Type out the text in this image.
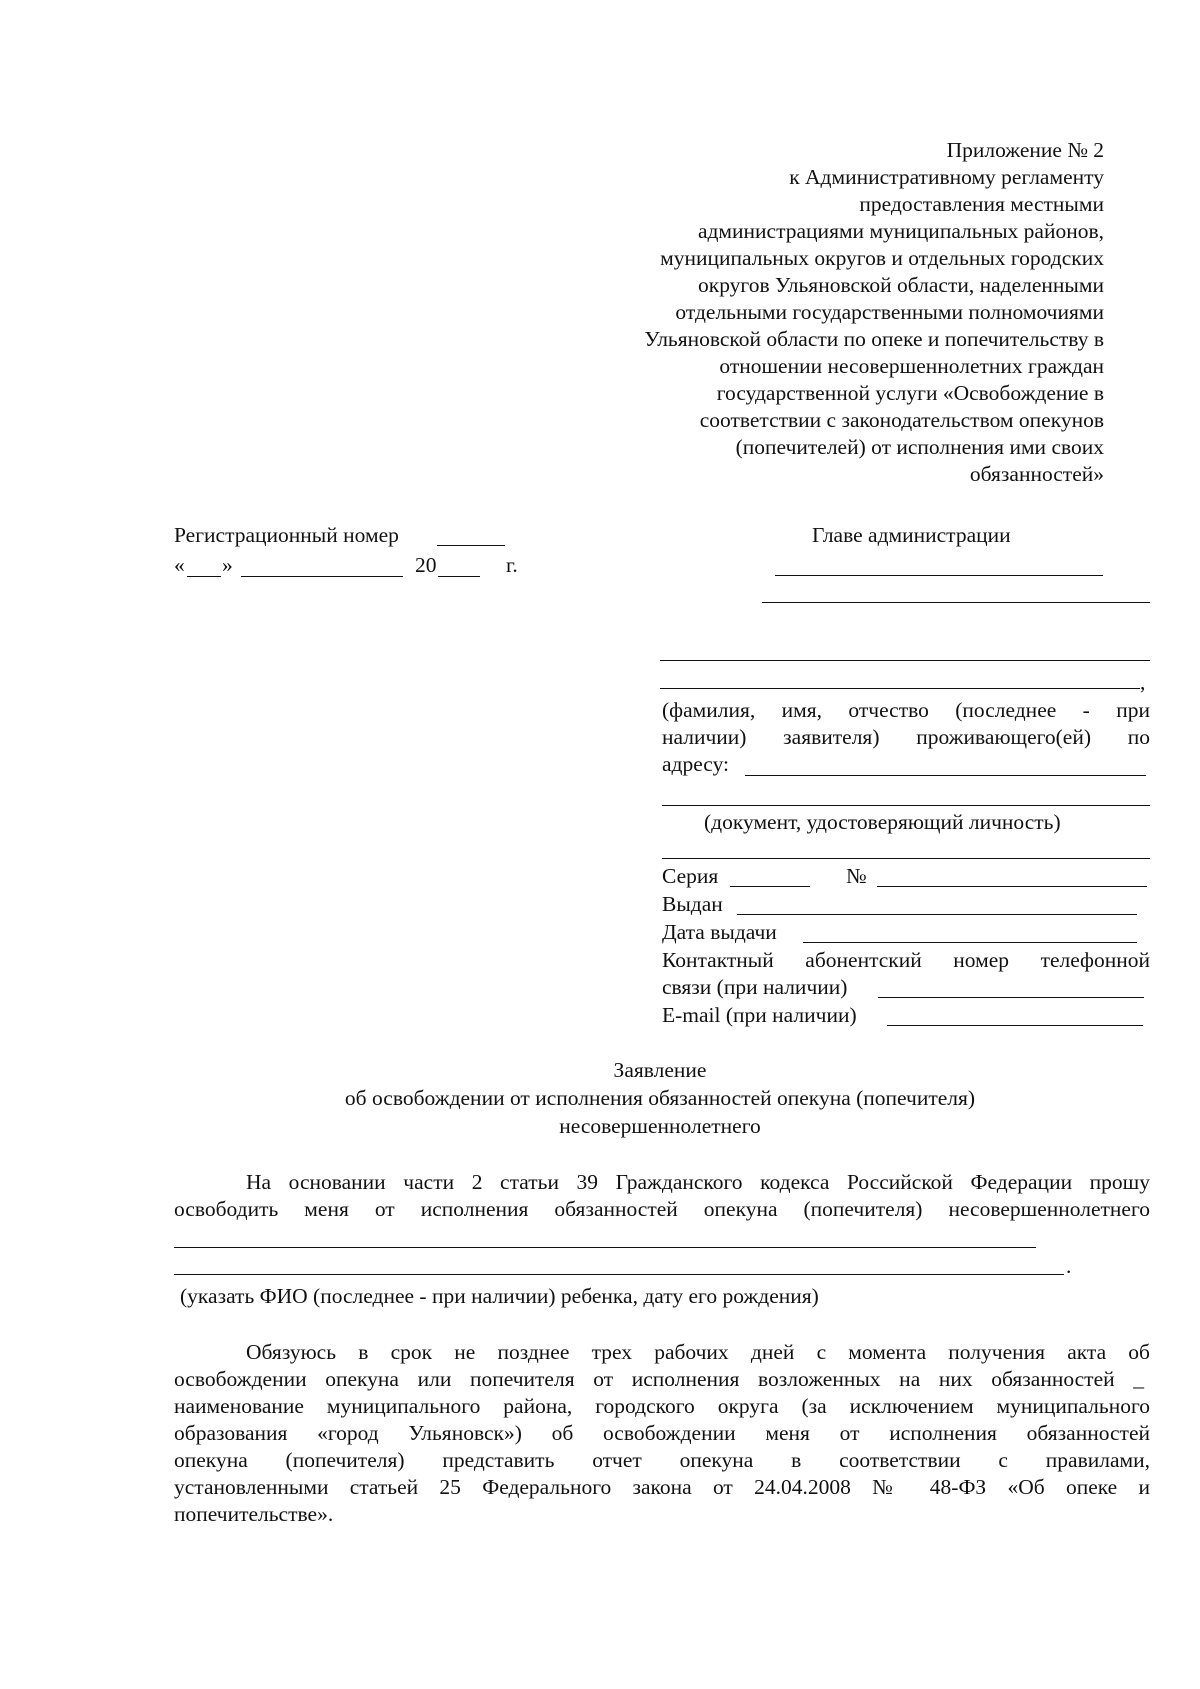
Приложение № 2
к Административному регламенту
предоставления местными
администрациями муниципальных районов,
муниципальных округов и отдельных городских
округов Ульяновской области, наделенными
отдельными государственными полномочиями
Ульяновской области по опеке и попечительству в
отношении несовершеннолетних граждан
государственной услуги «Освобождение в
соответствии с законодательством опекунов
(попечителей) от исполнения ими своих
обязанностей»
Регистрационный номер
« »	20	г.
Главе администрации
,
(фамилия, имя, отчество (последнее - при
наличии) заявителя) проживающего(ей) по
адресу:
(документ, удостоверяющий личность)
Серия	№
Выдан
Дата выдачи
Контактный абонентский номер телефонной
связи (при наличии)
E-mail (при наличии)
Заявление
об освобождении от исполнения обязанностей опекуна (попечителя)
несовершеннолетнего
На основании части 2 статьи 39 Гражданского кодекса Российской Федерации прошу
освободить меня от исполнения обязанностей опекуна (попечителя) несовершеннолетнего
.
(указать ФИО (последнее - при наличии) ребенка, дату его рождения)
Обязуюсь в срок не позднее трех рабочих дней с момента получения акта об
освобождении опекуна или попечителя от исполнения возложенных на них обязанностей _
наименование муниципального района, городского округа (за исключением муниципального
образования «город Ульяновск») об освобождении меня от исполнения обязанностей
опекуна (попечителя) представить отчет опекуна в соответствии с правилами,
установленными статьей 25 Федерального закона от 24.04.2008 № 48-ФЗ «Об опеке и
попечительстве».
